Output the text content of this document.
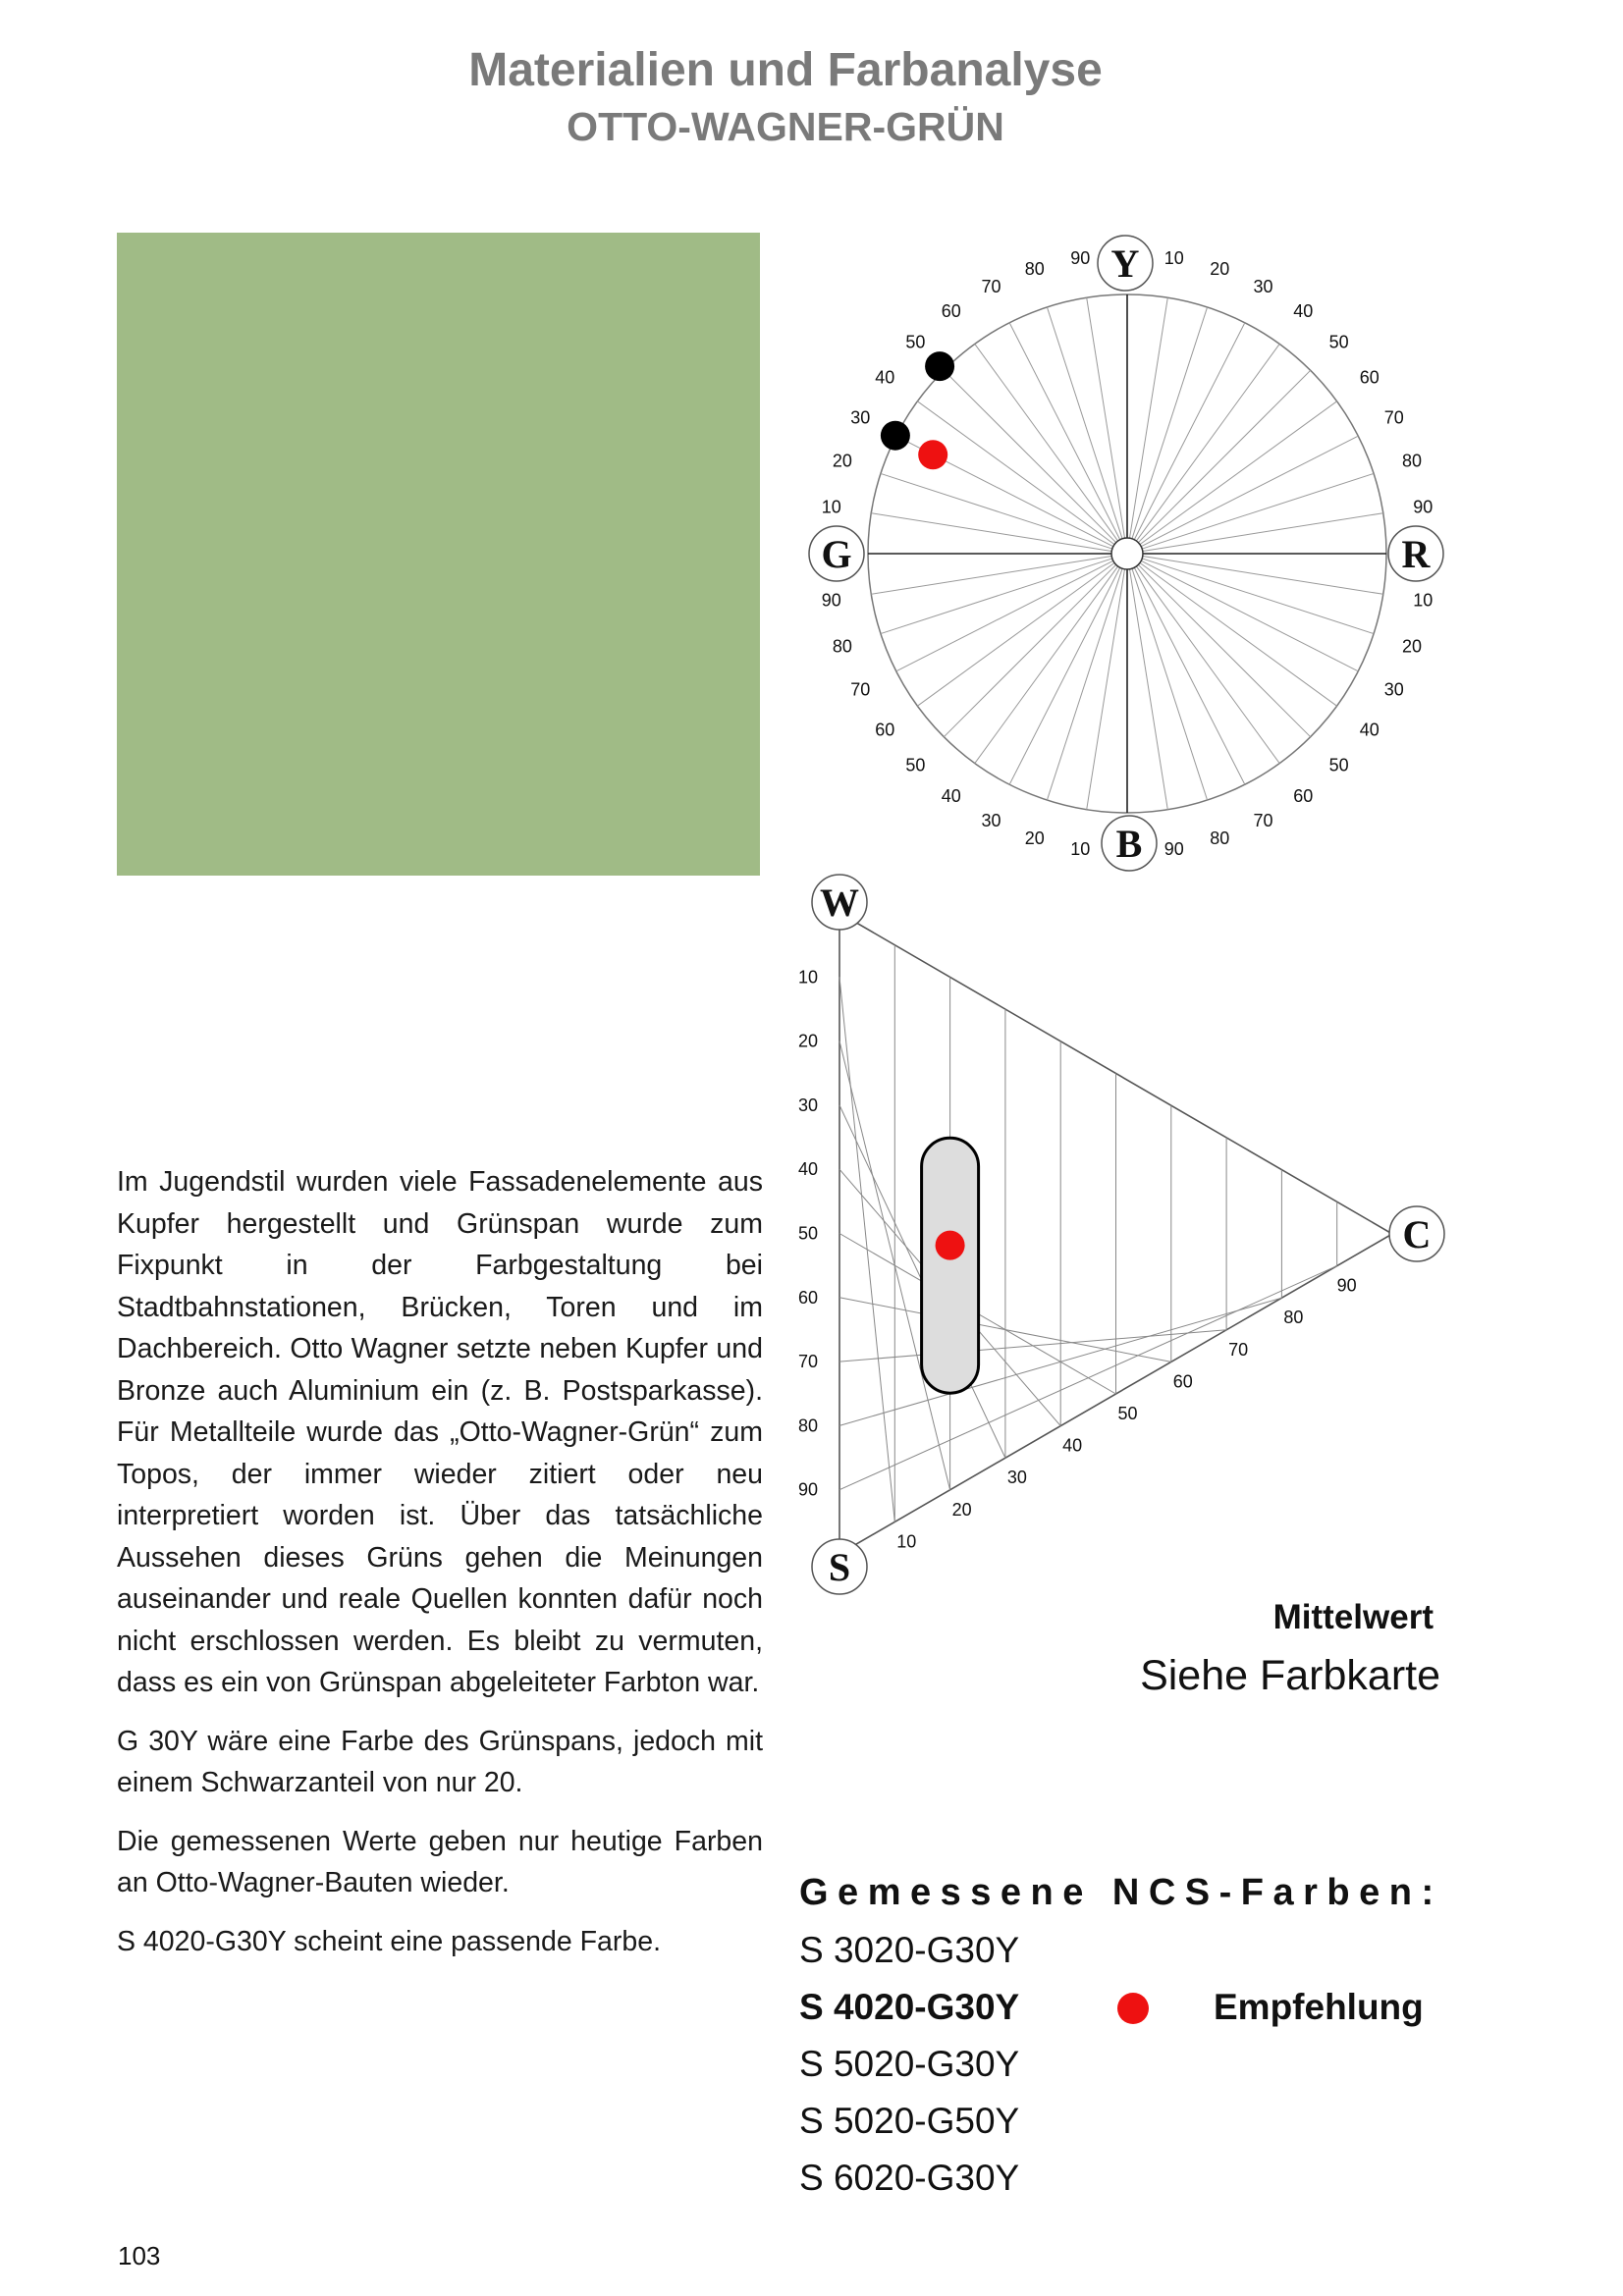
Materialien und Farbanalyse
OTTO-WAGNER-GRÜN
10
20
30
40
50
60
70
80
90
10
20
30
40
50
60
70
80
90
10
20
30
40
50
60
70
80
90
10
20
30
40
50
60
70
80
90 Y
R
B
G
10
10
20
20
30
30
40
40
50
50
60
60
70
70
80
80
90
90
W
C
S

Im Jugendstil wurden viele Fassadenelemente aus Kupfer hergestellt und Grünspan wurde zum Fixpunkt in der Farbgestaltung bei Stadtbahnstationen, Brücken, Toren und im Dachbereich. Otto Wagner setzte neben Kupfer und Bronze auch Aluminium ein (z. B. Postsparkasse). Für Metallteile wurde das „Otto-Wagner-Grün“ zum Topos, der immer wieder zitiert oder neu interpretiert worden ist. Über das tatsächliche Aussehen dieses Grüns gehen die Meinungen auseinander und reale Quellen konnten dafür noch nicht erschlossen werden. Es bleibt zu vermuten, dass es ein von Grünspan abgeleiteter Farbton war.

G 30Y wäre eine Farbe des Grünspans, jedoch mit einem Schwarzanteil von nur 20.

Die gemessenen Werte geben nur heutige Farben an Otto-Wagner-Bauten wieder.

S 4020-G30Y scheint eine passende Farbe.

Mittelwert
Siehe Farbkarte
Gemessene NCS-Farben:
S 3020-G30Y
S 4020-G30Y
S 5020-G30Y
S 5020-G50Y
S 6020-G30Y
Empfehlung
103
